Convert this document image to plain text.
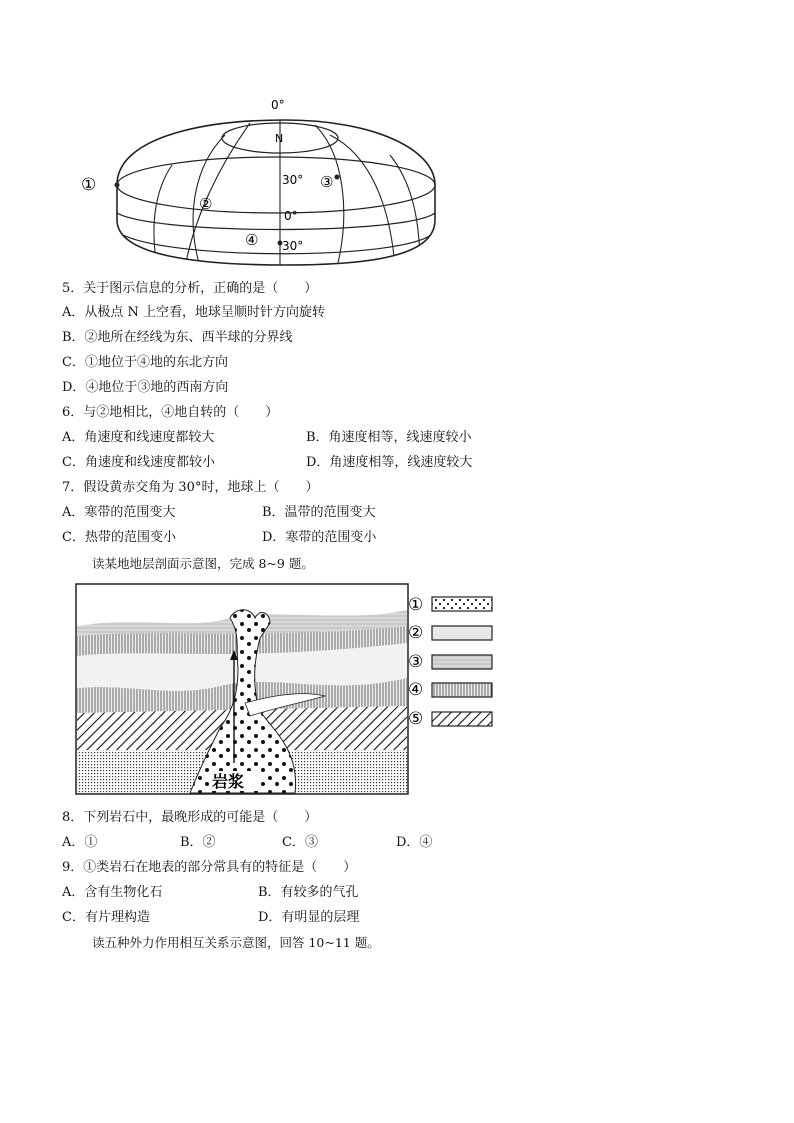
0°
N
30°
0°
30°
①
②
③
④
5．关于图示信息的分析，正确的是（　　）
A．从极点 N 上空看，地球呈顺时针方向旋转
B．②地所在经线为东、西半球的分界线
C．①地位于④地的东北方向
D．④地位于③地的西南方向
6．与②地相比，④地自转的（　　）
A．角速度和线速度都较大	B．角速度相等，线速度较小
C．角速度和线速度都较小	D．角速度相等，线速度较大
7．假设黄赤交角为 30°时，地球上（　　）
A．寒带的范围变大	B．温带的范围变大
C．热带的范围变小	D．寒带的范围变小
读某地地层剖面示意图，完成 8~9 题。
岩浆
①
②
③
④
⑤
8．下列岩石中，最晚形成的可能是（　　）
A．①	B．②	C．③	D．④
9．①类岩石在地表的部分常具有的特征是（　　）
A．含有生物化石	B．有较多的气孔
C．有片理构造	D．有明显的层理
读五种外力作用相互关系示意图，回答 10~11 题。
